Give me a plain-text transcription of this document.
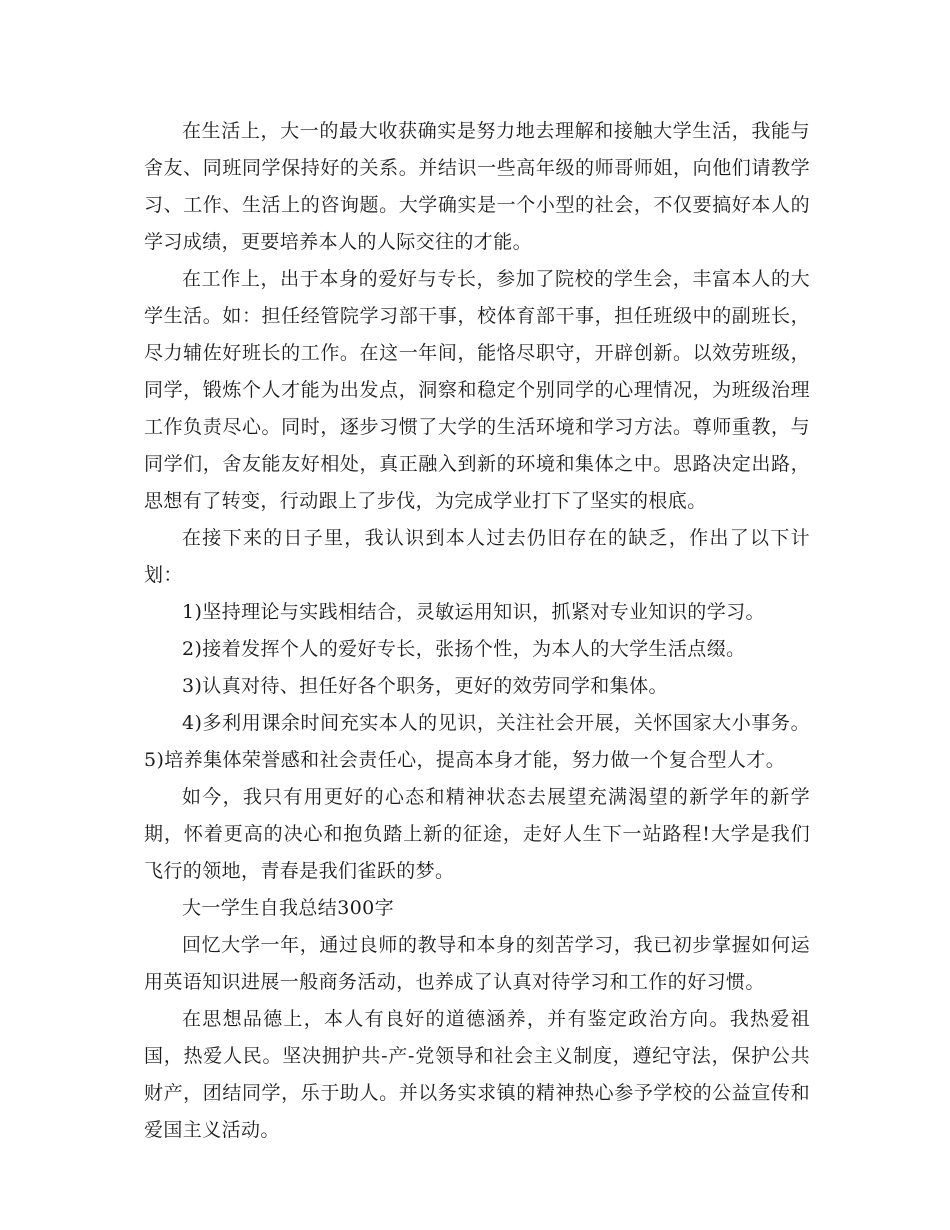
在生活上，大一的最大收获确实是努力地去理解和接触大学生活，我能与舍友、同班同学保持好的关系。并结识一些高年级的师哥师姐，向他们请教学习、工作、生活上的咨询题。大学确实是一个小型的社会，不仅要搞好本人的学习成绩，更要培养本人的人际交往的才能。

在工作上，出于本身的爱好与专长，参加了院校的学生会，丰富本人的大学生活。如：担任经管院学习部干事，校体育部干事，担任班级中的副班长，尽力辅佐好班长的工作。在这一年间，能恪尽职守，开辟创新。以效劳班级，同学，锻炼个人才能为出发点，洞察和稳定个别同学的心理情况，为班级治理工作负责尽心。同时，逐步习惯了大学的生活环境和学习方法。尊师重教，与同学们，舍友能友好相处，真正融入到新的环境和集体之中。思路决定出路，思想有了转变，行动跟上了步伐，为完成学业打下了坚实的根底。

在接下来的日子里，我认识到本人过去仍旧存在的缺乏，作出了以下计划：

1)坚持理论与实践相结合，灵敏运用知识，抓紧对专业知识的学习。

2)接着发挥个人的爱好专长，张扬个性，为本人的大学生活点缀。

3)认真对待、担任好各个职务，更好的效劳同学和集体。

4)多利用课余时间充实本人的见识，关注社会开展，关怀国家大小事务。5)培养集体荣誉感和社会责任心，提高本身才能，努力做一个复合型人才。

如今，我只有用更好的心态和精神状态去展望充满渴望的新学年的新学期，怀着更高的决心和抱负踏上新的征途，走好人生下一站路程!大学是我们飞行的领地，青春是我们雀跃的梦。

大一学生自我总结300字

回忆大学一年，通过良师的教导和本身的刻苦学习，我已初步掌握如何运用英语知识进展一般商务活动，也养成了认真对待学习和工作的好习惯。

在思想品德上，本人有良好的道德涵养，并有鉴定政治方向。我热爱祖国，热爱人民。坚决拥护共-产-党领导和社会主义制度，遵纪守法，保护公共财产，团结同学，乐于助人。并以务实求镇的精神热心参予学校的公益宣传和爱国主义活动。
